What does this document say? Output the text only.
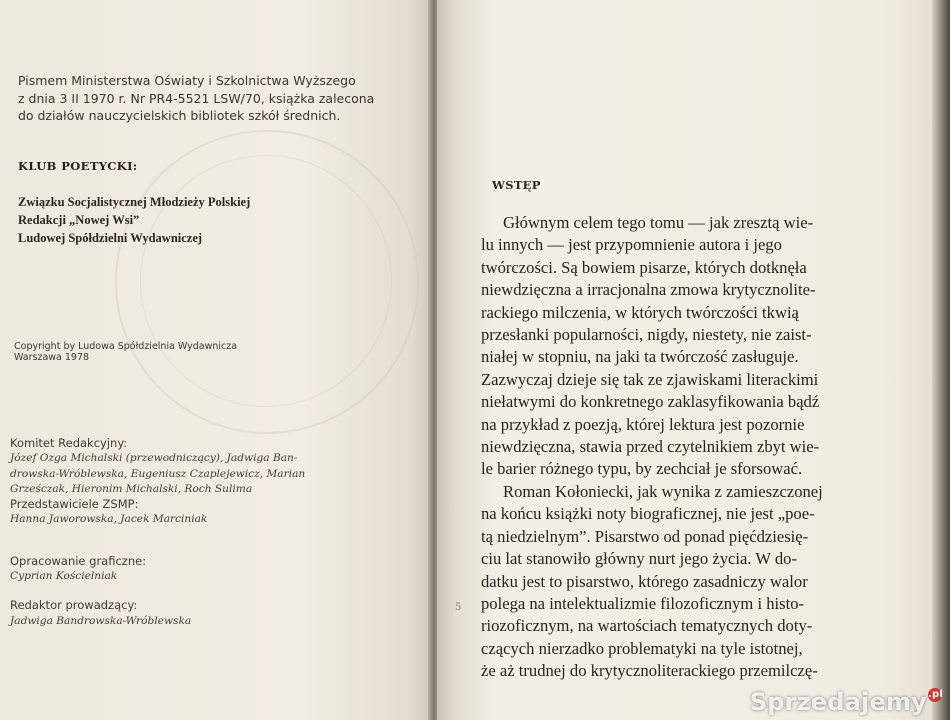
Pismem Ministerstwa Oświaty i Szkolnictwa Wyższego
z dnia 3 II 1970 r. Nr PR4-5521 LSW/70, książka zalecona
do działów nauczycielskich bibliotek szkół średnich.
KLUB POETYCKI:
Związku Socjalistycznej Młodzieży Polskiej
Redakcji „Nowej Wsi”
Ludowej Spółdzielni Wydawniczej
Copyright by Ludowa Spółdzielnia Wydawnicza
Warszawa 1978
Komitet Redakcyjny:
Józef Ozga Michalski (przewodniczący), Jadwiga Ban-
drowska-Wróblewska, Eugeniusz Czaplejewicz, Marian
Grześczak, Hieronim Michalski, Roch Sulima
Przedstawiciele ZSMP:
Hanna Jaworowska, Jacek Marciniak
Opracowanie graficzne:
Cyprian Kościelniak
Redaktor prowadzący:
Jadwiga Bandrowska-Wróblewska
WSTĘP
Głównym celem tego tomu — jak zresztą wie-
lu innych — jest przypomnienie autora i jego
twórczości. Są bowiem pisarze, których dotknęła
niewdzięczna a irracjonalna zmowa krytycznolite-
rackiego milczenia, w których twórczości tkwią
przesłanki popularności, nigdy, niestety, nie zaist-
niałej w stopniu, na jaki ta twórczość zasługuje.
Zazwyczaj dzieje się tak ze zjawiskami literackimi
niełatwymi do konkretnego zaklasyfikowania bądź
na przykład z poezją, której lektura jest pozornie
niewdzięczna, stawia przed czytelnikiem zbyt wie-
le barier różnego typu, by zechciał je sforsować.
Roman Kołoniecki, jak wynika z zamieszczonej
na końcu książki noty biograficznej, nie jest „poe-
tą niedzielnym”. Pisarstwo od ponad pięćdziesię-
ciu lat stanowiło główny nurt jego życia. W do-
datku jest to pisarstwo, którego zasadniczy walor
polega na intelektualizmie filozoficznym i histo-
riozoficznym, na wartościach tematycznych doty-
czących nierzadko problematyki na tyle istotnej,
że aż trudnej do krytycznoliterackiego przemilczę-
5
Sprzedajemy.pl
